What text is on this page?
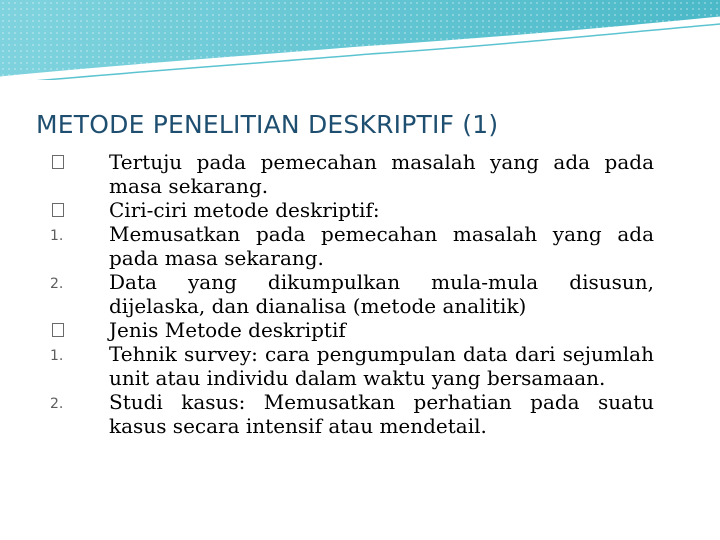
METODE PENELITIAN DESKRIPTIF (1)
Tertuju pada pemecahan masalah yang ada pada masa sekarang.
Ciri-ciri metode deskriptif:
1. Memusatkan pada pemecahan masalah yang ada pada masa sekarang.
2. Data yang dikumpulkan mula-mula disusun, dijelaska, dan dianalisa (metode analitik)
Jenis Metode deskriptif
1. Tehnik survey: cara pengumpulan data dari sejumlah unit atau individu dalam waktu yang bersamaan.
2. Studi kasus: Memusatkan perhatian pada suatu kasus secara intensif atau mendetail.
